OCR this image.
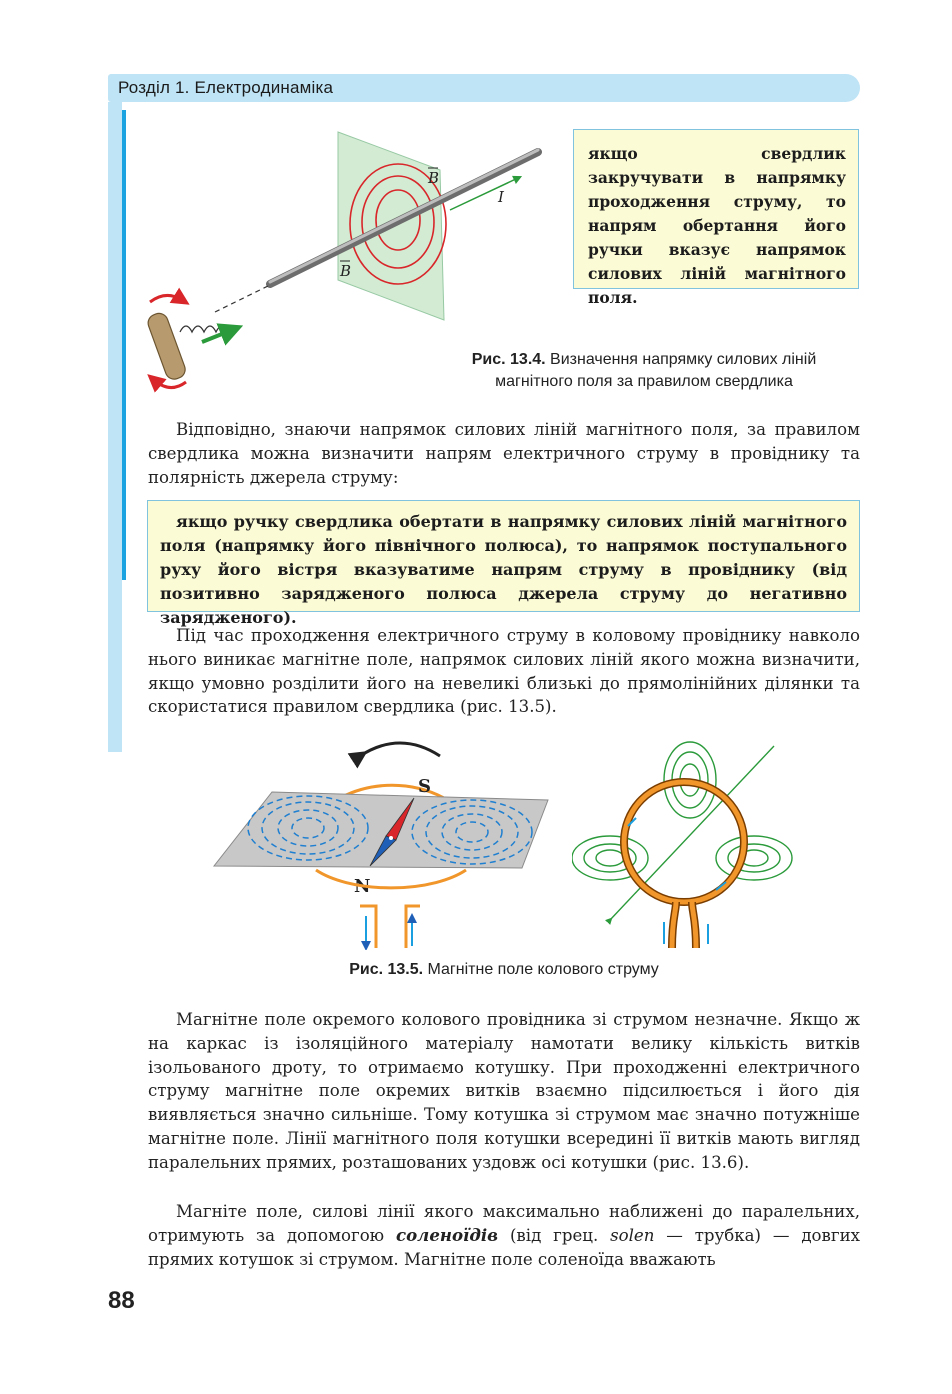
Розділ 1. Електродинаміка
I
B
B
якщо свердлик закручувати в напрямку проходження струму, то напрям обертання його ручки вказує напрямок силових ліній магнітного поля.
Рис. 13.4. Визначення напрямку силових ліній
магнітного поля за правилом свердлика
Відповідно, знаючи напрямок силових ліній магнітного поля, за правилом свердлика можна визначити напрям електричного струму в провіднику та полярність джерела струму:
якщо ручку свердлика обертати в напрямку силових ліній магнітного поля (напрямку його північного полюса), то напрямок поступального руху його вістря вказуватиме напрям струму в провіднику (від позитивно зарядженого полюса джерела струму до негативно зарядженого).
Під час проходження електричного струму в коловому провіднику навколо нього виникає магнітне поле, напрямок силових ліній якого можна визначити, якщо умовно розділити його на невеликі близькі до прямолінійних ділянки та скористатися правилом свердлика (рис. 13.5).
S
N
Рис. 13.5. Магнітне поле колового струму
Магнітне поле окремого колового провідника зі струмом незначне. Якщо ж на каркас із ізоляційного матеріалу намотати велику кількість витків ізольованого дроту, то отримаємо котушку. При проходженні електричного струму магнітне поле окремих витків взаємно підсилюється і його дія виявляється значно сильніше. Тому котушка зі струмом має значно потужніше магнітне поле. Лінії магнітного поля котушки всередині її витків мають вигляд паралельних прямих, розташованих уздовж осі котушки (рис. 13.6).
Магніте поле, силові лінії якого максимально наближені до паралельних, отримують за допомогою соленоїдів (від грец. solen — трубка) — довгих прямих котушок зі струмом. Магнітне поле соленоїда вважають
88
